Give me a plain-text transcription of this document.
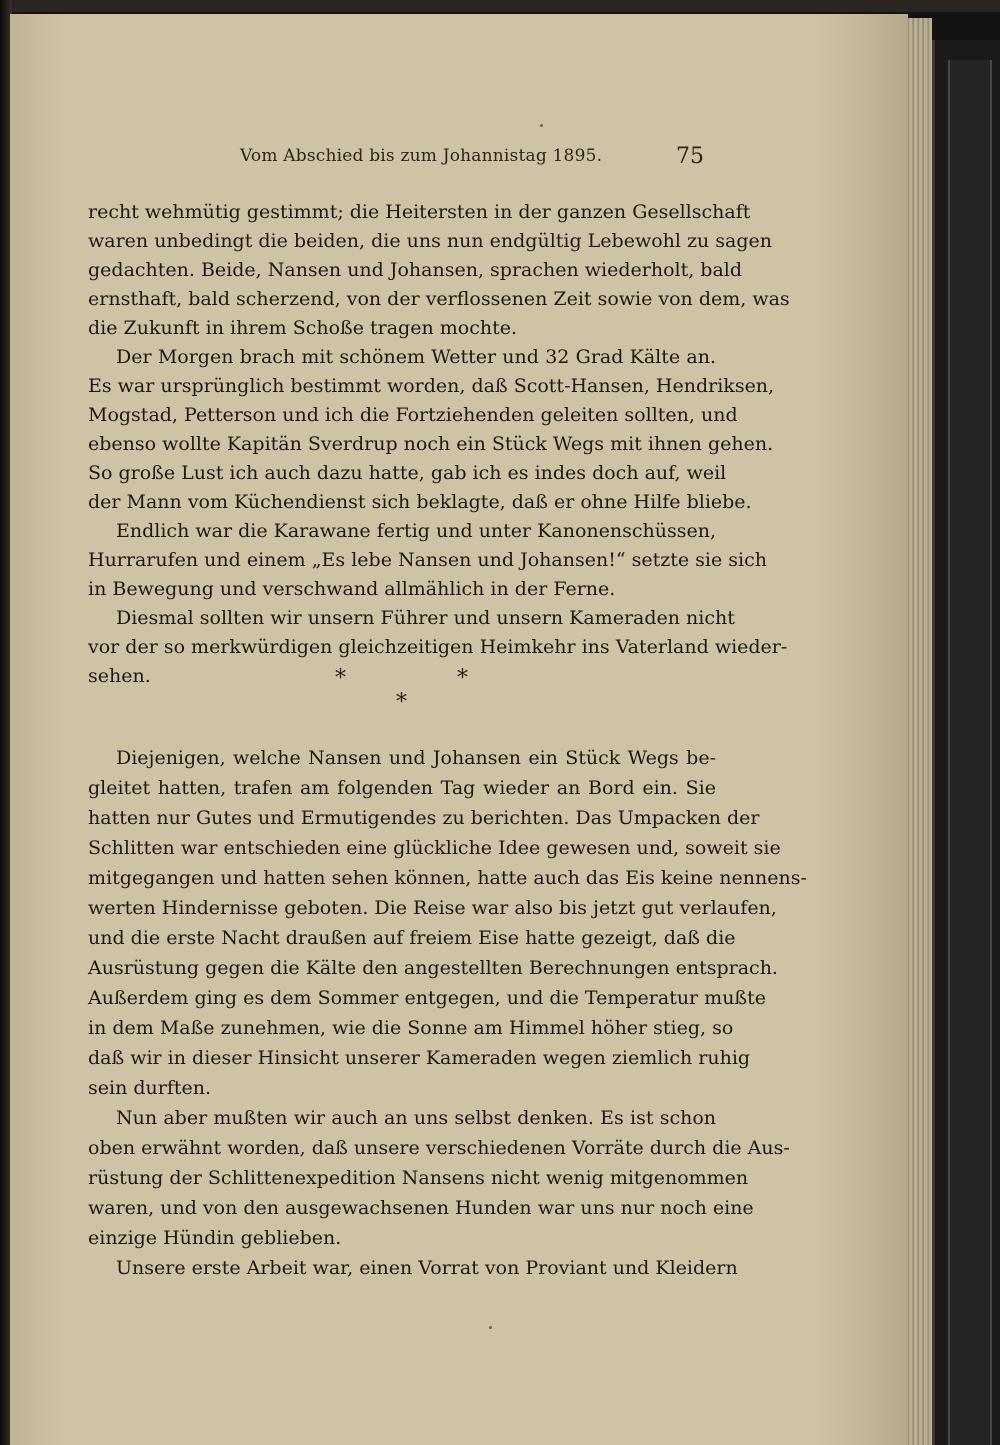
Vom Abschied bis zum Johannistag 1895.	75
recht wehmütig gestimmt; die Heitersten in der ganzen Gesellschaft
waren unbedingt die beiden, die uns nun endgültig Lebewohl zu sagen
gedachten. Beide, Nansen und Johansen, sprachen wiederholt, bald
ernsthaft, bald scherzend, von der verflossenen Zeit sowie von dem, was
die Zukunft in ihrem Schoße tragen mochte.
Der Morgen brach mit schönem Wetter und 32 Grad Kälte an.
Es war ursprünglich bestimmt worden, daß Scott-Hansen, Hendriksen,
Mogstad, Petterson und ich die Fortziehenden geleiten sollten, und
ebenso wollte Kapitän Sverdrup noch ein Stück Wegs mit ihnen gehen.
So große Lust ich auch dazu hatte, gab ich es indes doch auf, weil
der Mann vom Küchendienst sich beklagte, daß er ohne Hilfe bliebe.
Endlich war die Karawane fertig und unter Kanonenschüssen,
Hurrarufen und einem „Es lebe Nansen und Johansen!“ setzte sie sich
in Bewegung und verschwand allmählich in der Ferne.
Diesmal sollten wir unsern Führer und unsern Kameraden nicht
vor der so merkwürdigen gleichzeitigen Heimkehr ins Vaterland wieder-
sehen.	*	*
*
Diejenigen, welche Nansen und Johansen ein Stück Wegs be-
gleitet hatten, trafen am folgenden Tag wieder an Bord ein. Sie
hatten nur Gutes und Ermutigendes zu berichten. Das Umpacken der
Schlitten war entschieden eine glückliche Idee gewesen und, soweit sie
mitgegangen und hatten sehen können, hatte auch das Eis keine nennens-
werten Hindernisse geboten. Die Reise war also bis jetzt gut verlaufen,
und die erste Nacht draußen auf freiem Eise hatte gezeigt, daß die
Ausrüstung gegen die Kälte den angestellten Berechnungen entsprach.
Außerdem ging es dem Sommer entgegen, und die Temperatur mußte
in dem Maße zunehmen, wie die Sonne am Himmel höher stieg, so
daß wir in dieser Hinsicht unserer Kameraden wegen ziemlich ruhig
sein durften.
Nun aber mußten wir auch an uns selbst denken. Es ist schon
oben erwähnt worden, daß unsere verschiedenen Vorräte durch die Aus-
rüstung der Schlittenexpedition Nansens nicht wenig mitgenommen
waren, und von den ausgewachsenen Hunden war uns nur noch eine
einzige Hündin geblieben.
Unsere erste Arbeit war, einen Vorrat von Proviant und Kleidern
